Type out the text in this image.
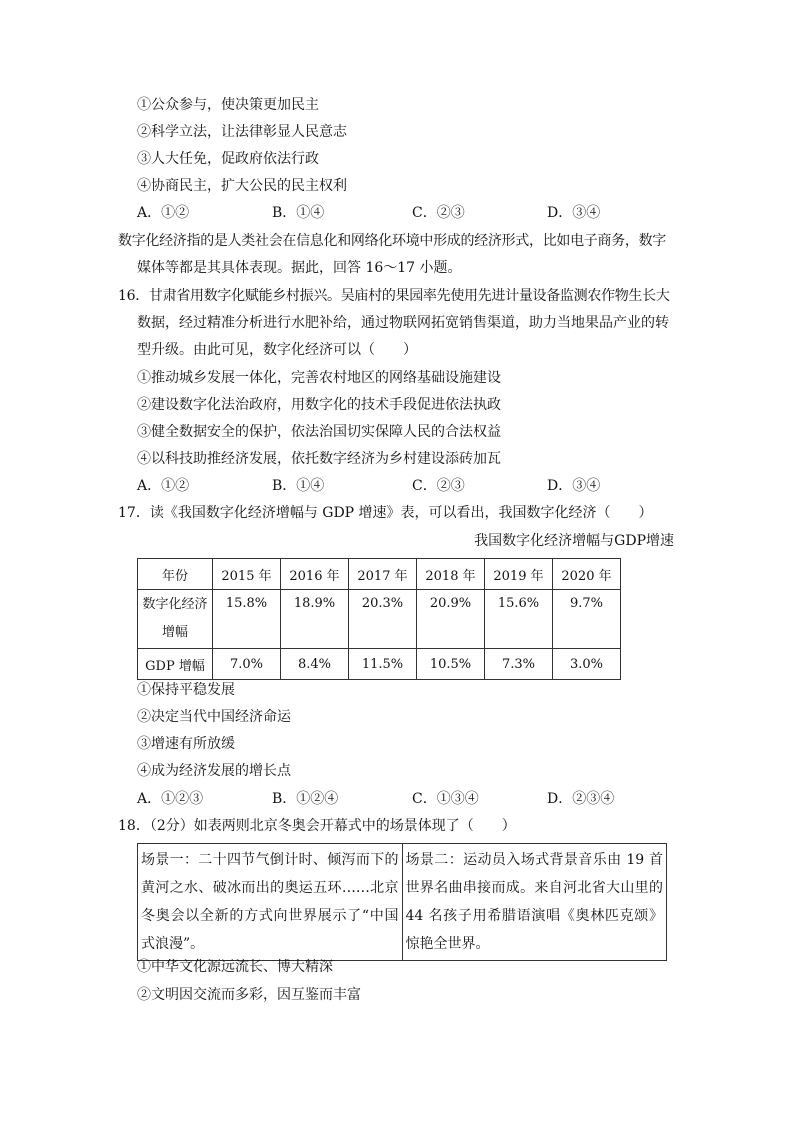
①公众参与，使决策更加民主
②科学立法，让法律彰显人民意志
③人大任免，促政府依法行政
④协商民主，扩大公民的民主权利
A．①②	B．①④	C．②③	D．③④
数字化经济指的是人类社会在信息化和网络化环境中形成的经济形式，比如电子商务，数字
媒体等都是其具体表现。据此，回答 16～17 小题。
16．甘肃省用数字化赋能乡村振兴。吴庙村的果园率先使用先进计量设备监测农作物生长大
数据，经过精准分析进行水肥补给，通过物联网拓宽销售渠道，助力当地果品产业的转
型升级。由此可见，数字化经济可以（　　）
①推动城乡发展一体化，完善农村地区的网络基础设施建设
②建设数字化法治政府，用数字化的技术手段促进依法执政
③健全数据安全的保护，依法治国切实保障人民的合法权益
④以科技助推经济发展，依托数字经济为乡村建设添砖加瓦
A．①②	B．①④	C．②③	D．③④
17．读《我国数字化经济增幅与 GDP 增速》表，可以看出，我国数字化经济（　　）
我国数字化经济增幅与GDP增速
年份	2015 年	2016 年	2017 年	2018 年	2019 年	2020 年

数字化经济
增幅	15.8%	18.9%	20.3%	20.9%	15.6%	9.7%
GDP 增幅	7.0%	8.4%	11.5%	10.5%	7.3%	3.0%
①保持平稳发展
②决定当代中国经济命运
③增速有所放缓
④成为经济发展的增长点
A．①②③	B．①②④	C．①③④	D．②③④
18．（2分）如表两则北京冬奥会开幕式中的场景体现了（　　）
场景一：二十四节气倒计时、倾泻而下的黄河之水、破冰而出的奥运五环……北京冬奥会以全新的方式向世界展示了“中国式浪漫”。	场景二：运动员入场式背景音乐由 19 首世界名曲串接而成。来自河北省大山里的 44 名孩子用希腊语演唱《奥林匹克颂》惊艳全世界。
①中华文化源远流长、博大精深
②文明因交流而多彩，因互鉴而丰富
